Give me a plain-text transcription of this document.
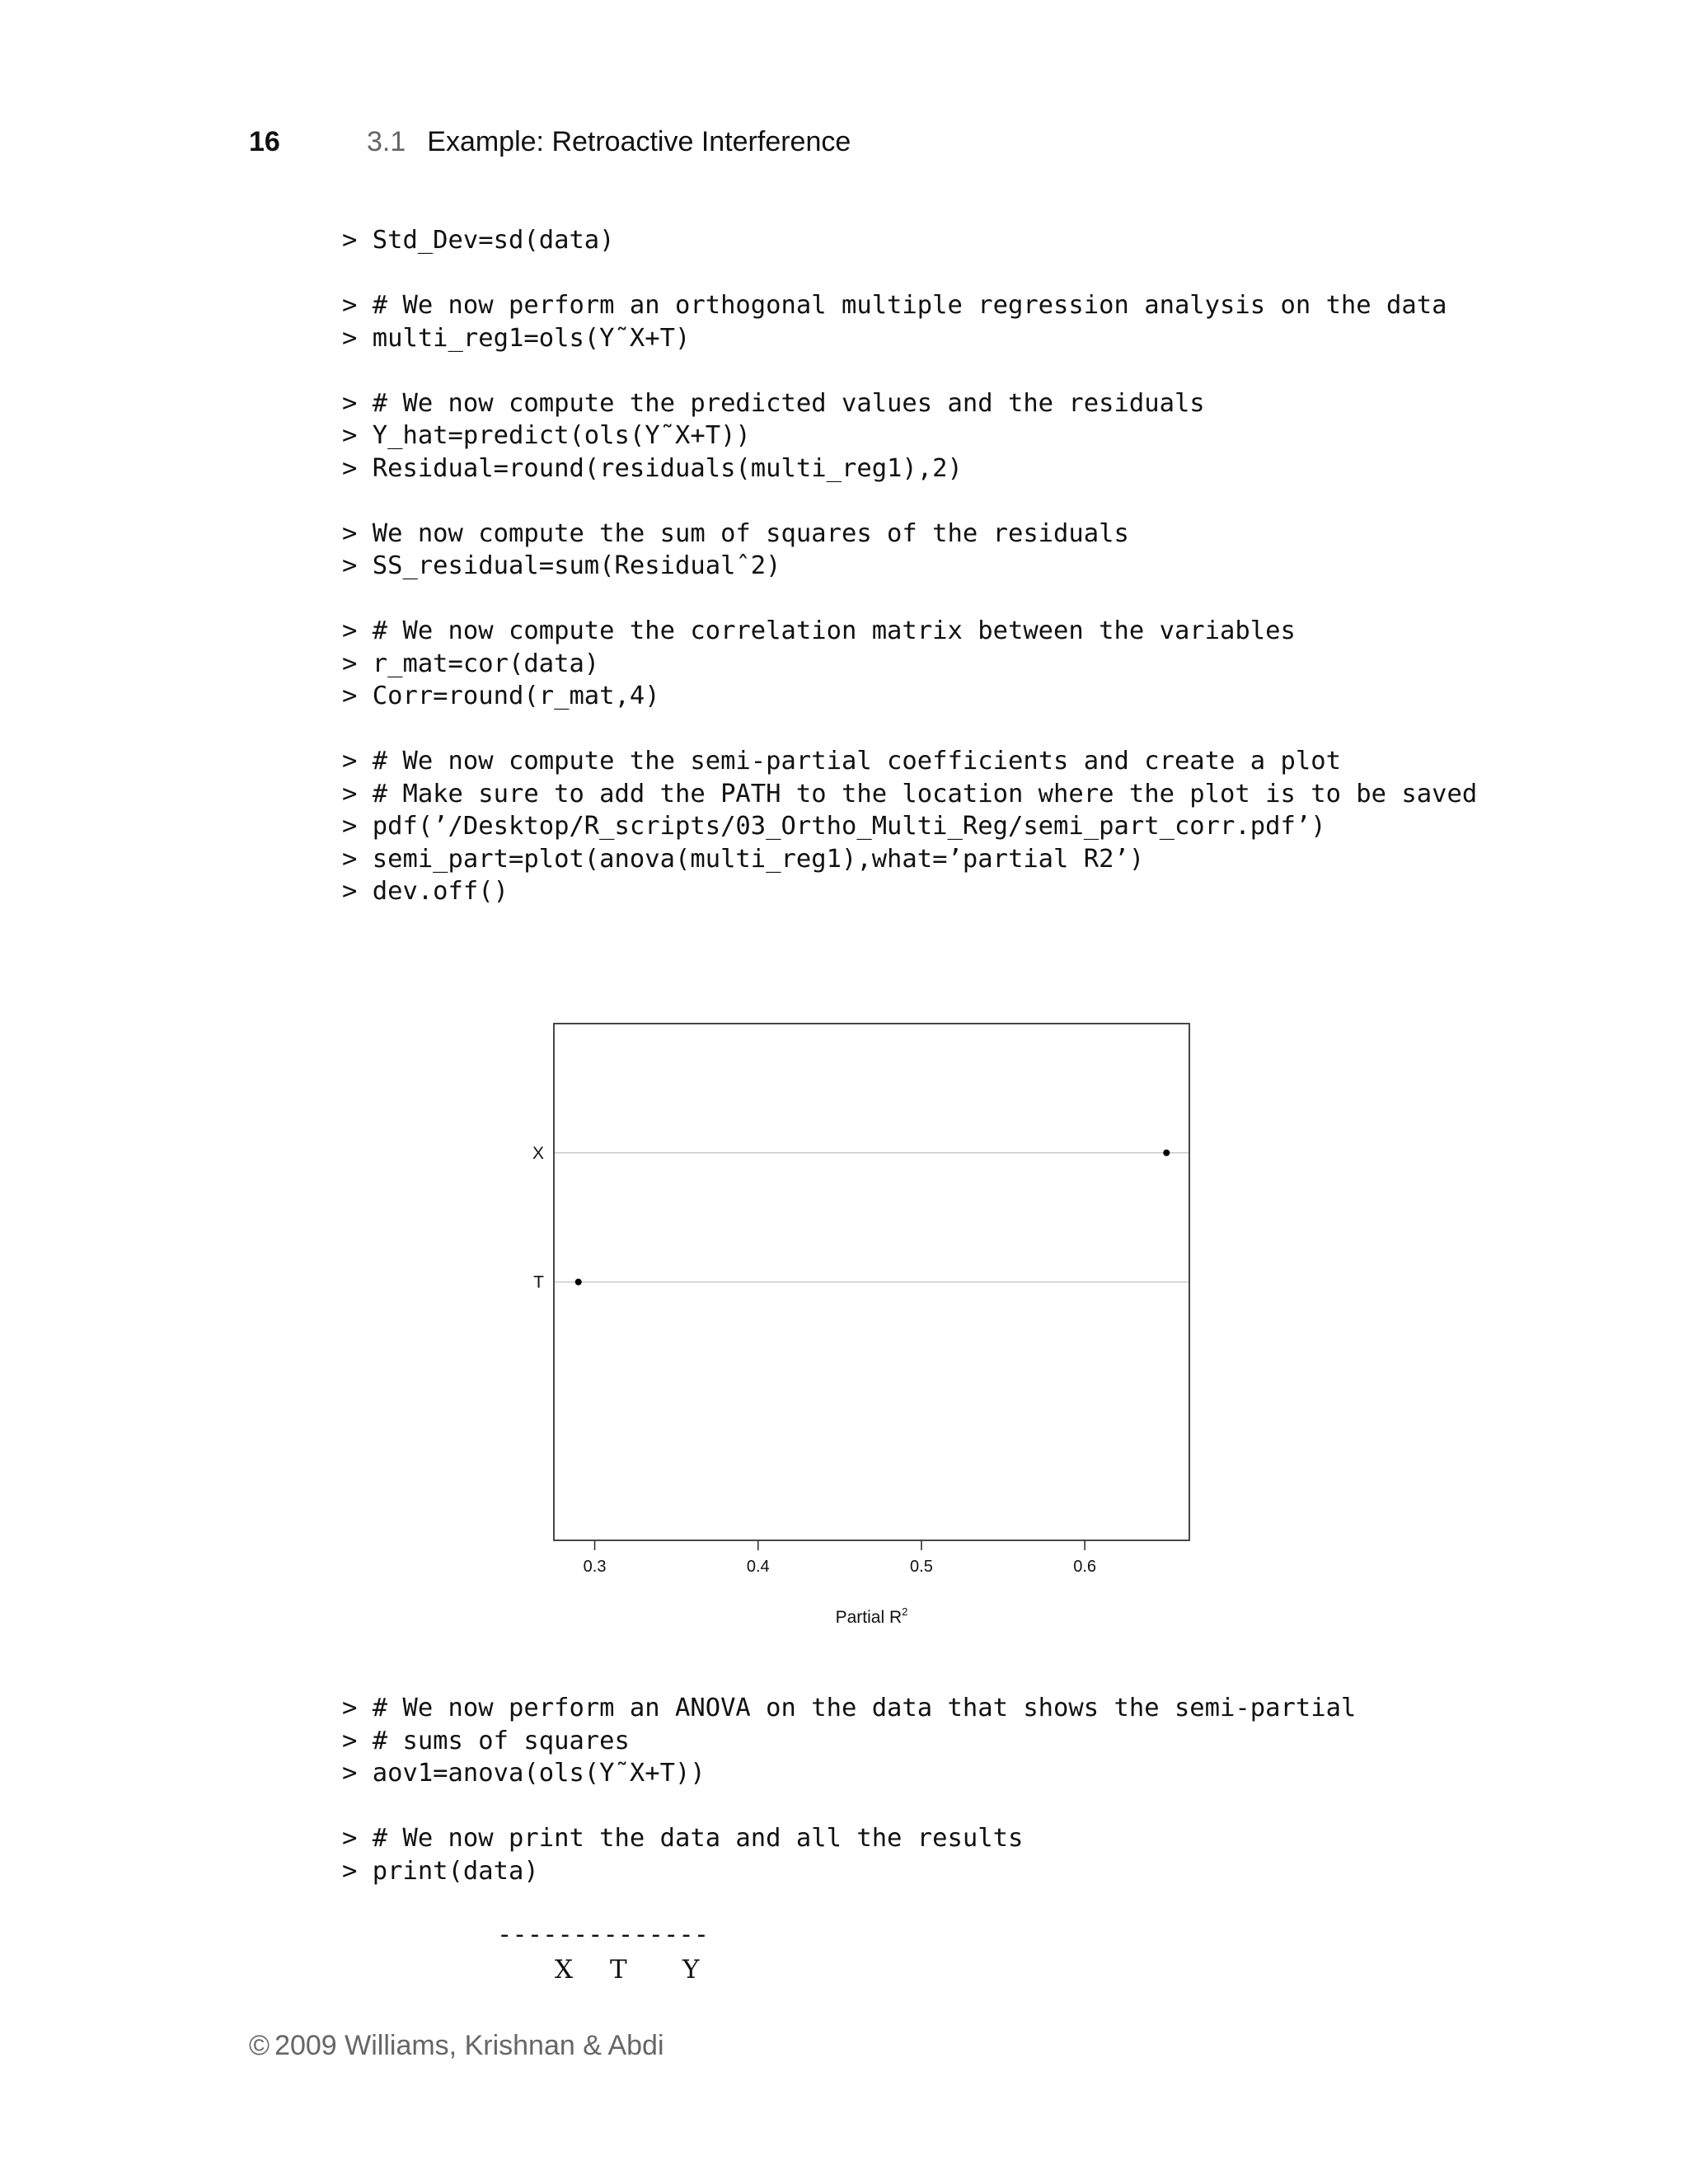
16	3.1 Example: Retroactive Interference
> Std_Dev=sd(data)
> # We now perform an orthogonal multiple regression analysis on the data
> multi_reg1=ols(Y˜X+T)
> # We now compute the predicted values and the residuals
> Y_hat=predict(ols(Y˜X+T))
> Residual=round(residuals(multi_reg1),2)
> We now compute the sum of squares of the residuals
> SS_residual=sum(Residualˆ2)
> # We now compute the correlation matrix between the variables
> r_mat=cor(data)
> Corr=round(r_mat,4)
> # We now compute the semi-partial coefficients and create a plot
> # Make sure to add the PATH to the location where the plot is to be saved
> pdf(’/Desktop/R_scripts/03_Ortho_Multi_Reg/semi_part_corr.pdf’)
> semi_part=plot(anova(multi_reg1),what=’partial R2’)
> dev.off()
X
T
0.3	0.4	0.5	0.6
Partial $R^2$
> # We now perform an ANOVA on the data that shows the semi-partial
> # sums of squares
> aov1=anova(ols(Y˜X+T))
> # We now print the data and all the results
> print(data)
--------------
X T Y
© 2009 Williams, Krishnan & Abdi
